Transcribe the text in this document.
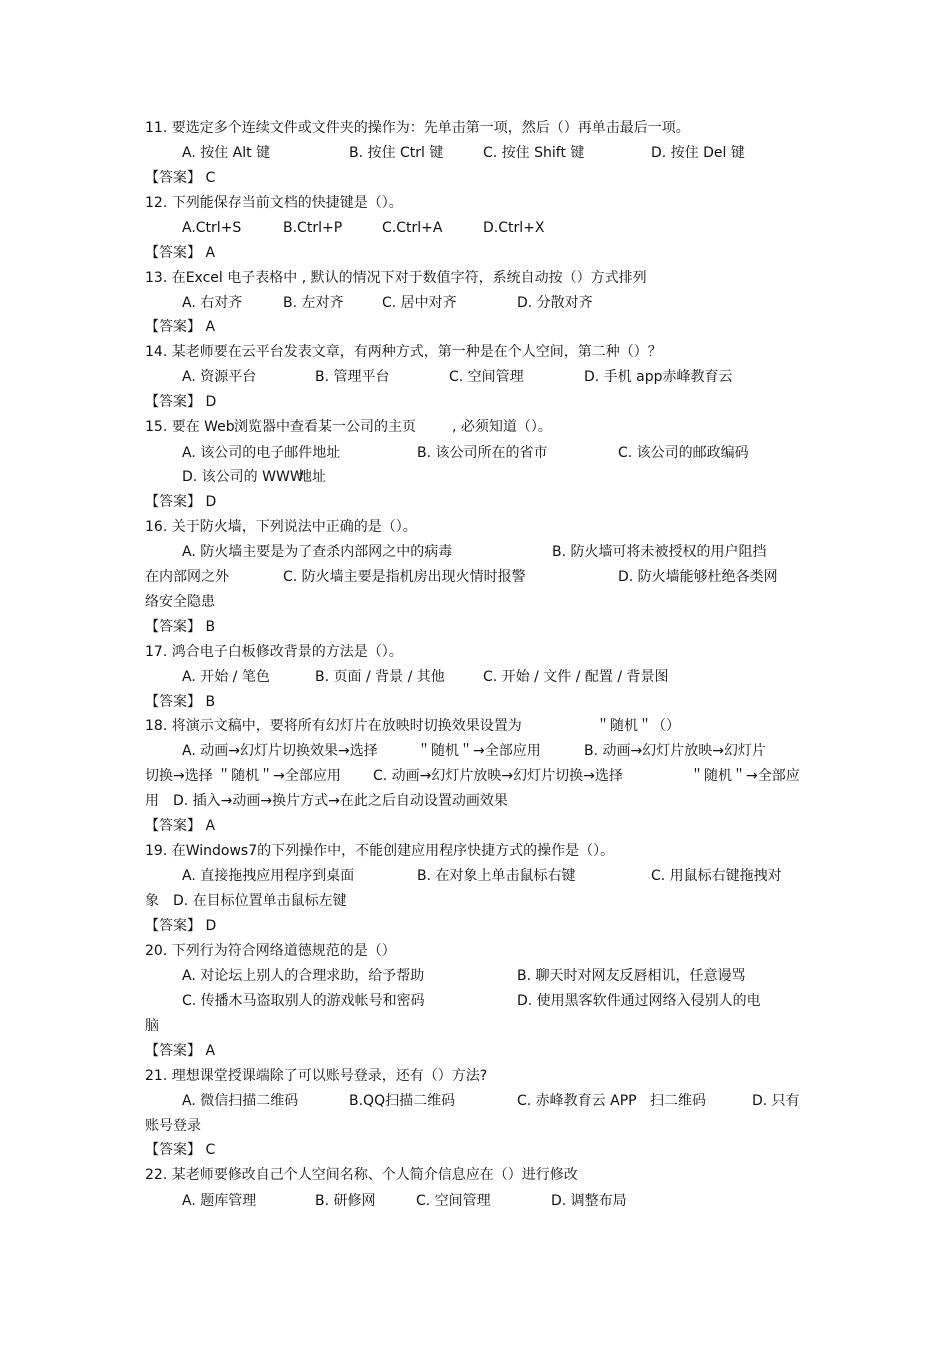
11. 要选定多个连续文件或文件夹的操作为：先单击第一项，然后（）再单击最后一项。
A. 按住 Alt 键	B. 按住 Ctrl 键	C. 按住 Shift 键	D. 按住 Del 键
【答案】 C
12. 下列能保存当前文档的快捷键是（）。
A.Ctrl+S	B.Ctrl+P	C.Ctrl+A	D.Ctrl+X
【答案】 A
13. 在Excel 电子表格中 , 默认的情况下对于数值字符，系统自动按（）方式排列
A. 右对齐	B. 左对齐	C. 居中对齐	D. 分散对齐
【答案】 A
14. 某老师要在云平台发表文章，有两种方式，第一种是在个人空间，第二种（）？
A. 资源平台	B. 管理平台	C. 空间管理	D. 手机 app赤峰教育云
【答案】 D
15. 要在 Web 浏览器中查看某一公司的主页	, 必须知道（）。
A. 该公司的电子邮件地址	B. 该公司所在的省市	C. 该公司的邮政编码
D. 该公司的 WWW
地址
【答案】 D
16. 关于防火墙，下列说法中正确的是（）。
A. 防火墙主要是为了查杀内部网之中的病毒	B. 防火墙可将未被授权的用户阻挡
在内部网之外	C. 防火墙主要是指机房出现火情时报警	D. 防火墙能够杜绝各类网
络安全隐患
【答案】 B
17. 鸿合电子白板修改背景的方法是（）。
A. 开始 / 笔色	B. 页面 / 背景 / 其他	C. 开始 / 文件 / 配置 / 背景图
【答案】 B
18. 将演示文稿中，要将所有幻灯片在放映时切换效果设置为	＂随机＂（）
A. 动画→幻灯片切换效果→选择	＂随机＂→全部应用	B. 动画→幻灯片放映→幻灯片
切换→选择 ＂随机＂→全部应用 C. 动画→幻灯片放映→幻灯片切换→选择	＂随机＂→全部应
用 D. 插入→动画→换片方式→在此之后自动设置动画效果
【答案】 A
19. 在Windows7的下列操作中，不能创建应用程序快捷方式的操作是（）。
A. 直接拖拽应用程序到桌面	B. 在对象上单击鼠标右键	C. 用鼠标右键拖拽对
象 D. 在目标位置单击鼠标左键
【答案】 D
20. 下列行为符合网络道德规范的是（）
A. 对论坛上别人的合理求助，给予帮助	B. 聊天时对网友反唇相讥，任意谩骂
C. 传播木马盗取别人的游戏帐号和密码	D. 使用黑客软件通过网络入侵别人的电
脑
【答案】 A
21. 理想课堂授课端除了可以账号登录，还有（）方法?
A. 微信扫描二维码	B.QQ扫描二维码	C. 赤峰教育云 APP 扫二维码	D. 只有
账号登录
【答案】 C
22. 某老师要修改自己个人空间名称、个人简介信息应在（）进行修改
A. 题库管理	B. 研修网	C. 空间管理	D. 调整布局
